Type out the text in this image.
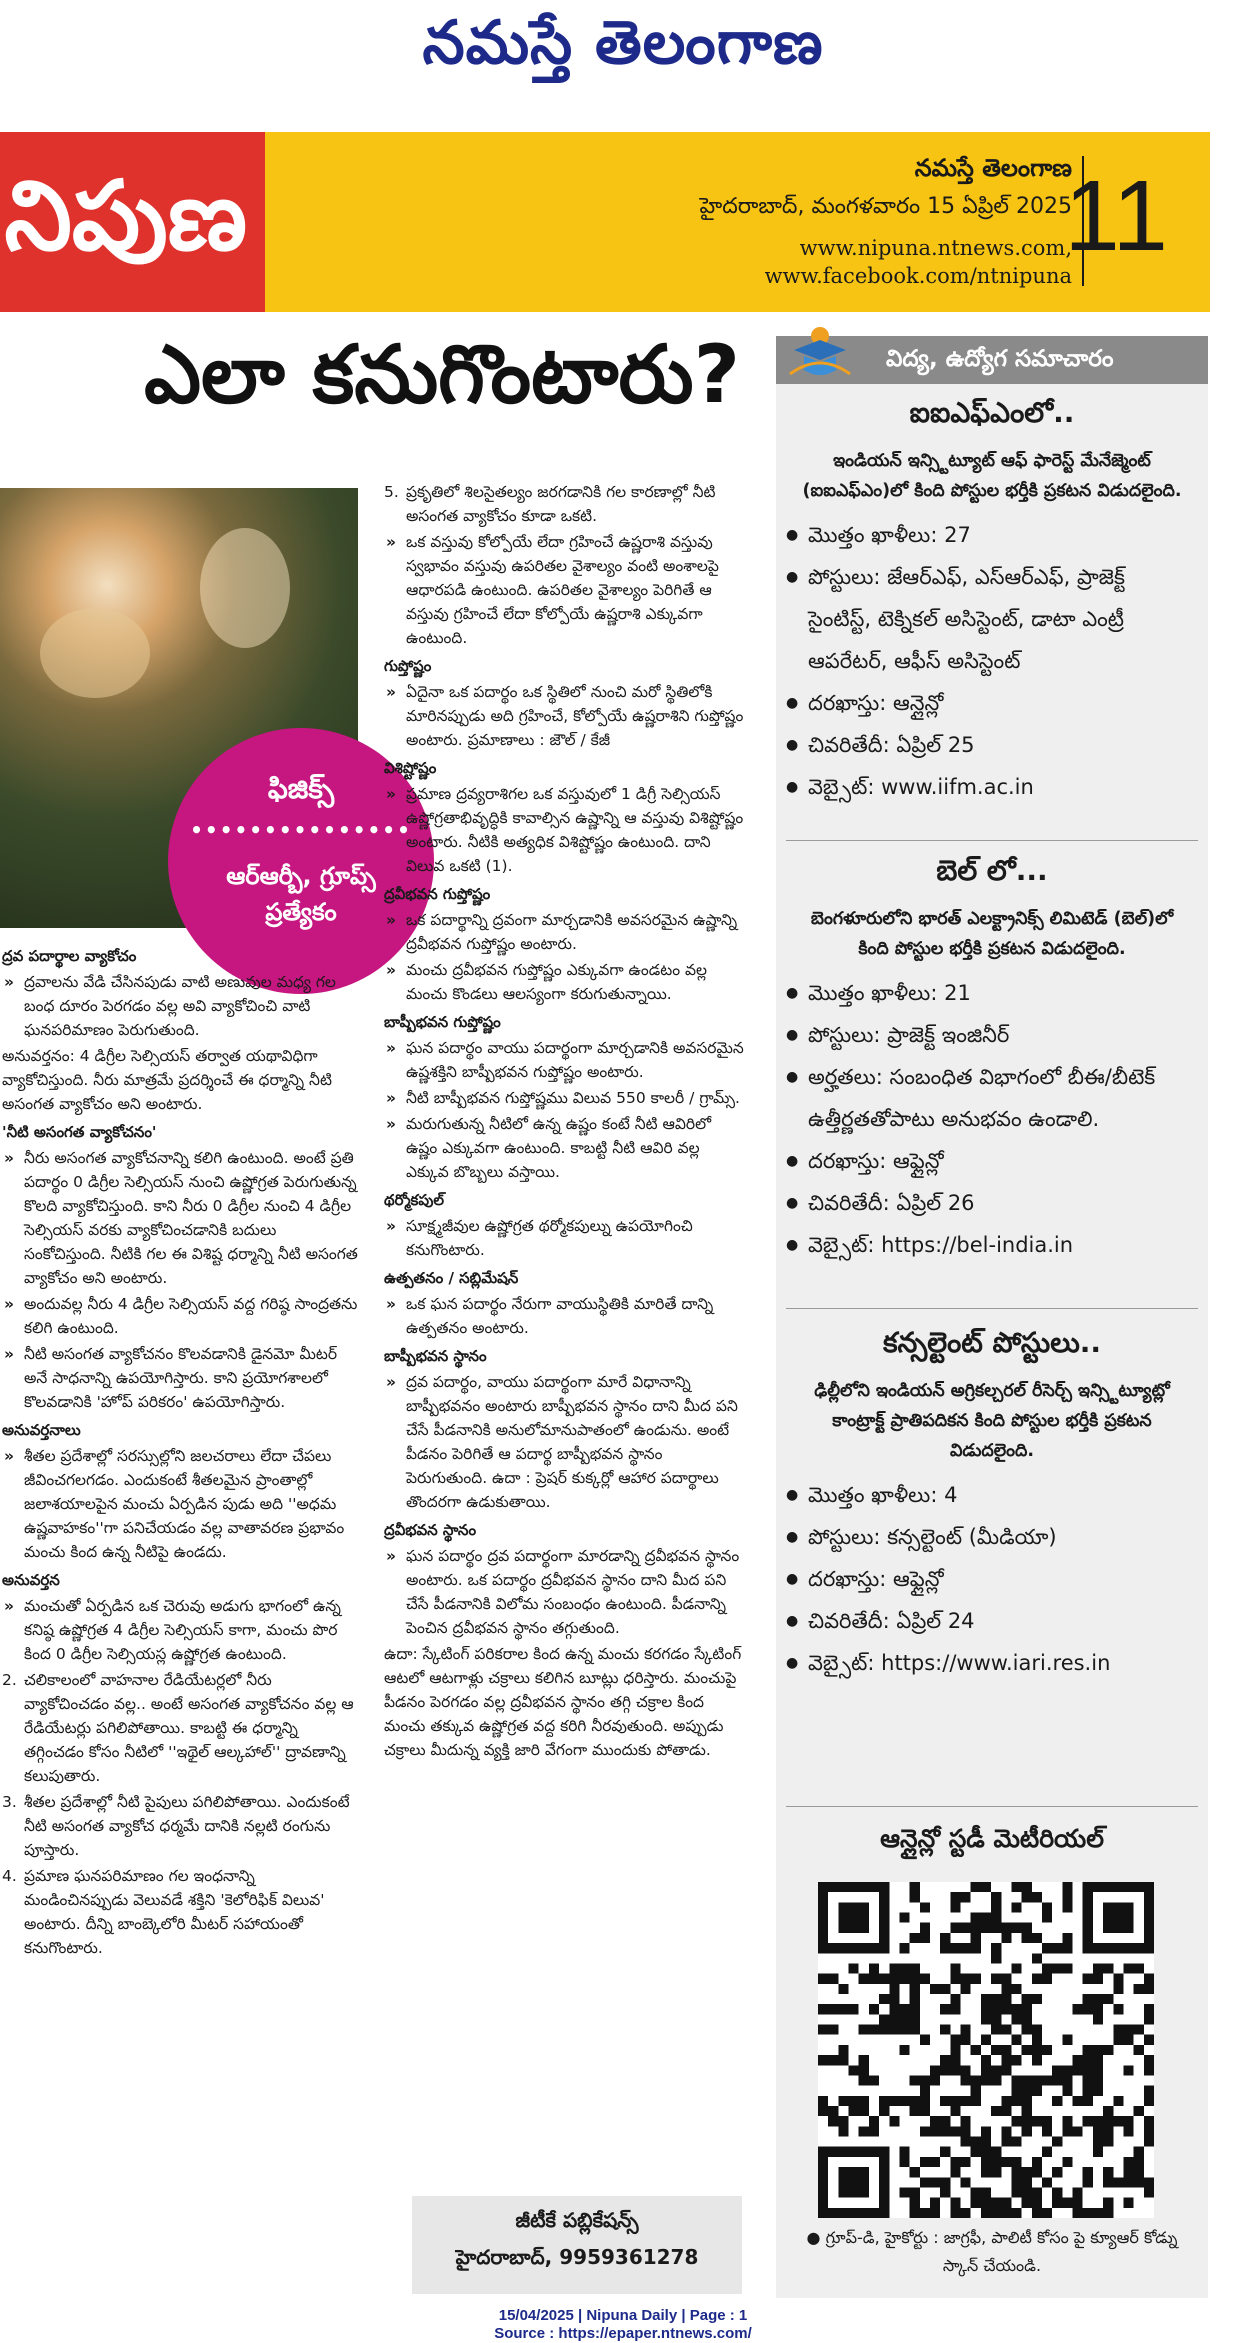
నమస్తే తెలంగాణ
నిపుణ	నమస్తే తెలంగాణ
హైదరాబాద్, మంగళవారం 15 ఏప్రిల్ 2025
www.nipuna.ntnews.com,
www.facebook.com/ntnipuna
11
ఎలా కనుగొంటారు?
ఫిజిక్స్
•••••••••••••••
ఆర్ఆర్బీ, గ్రూప్స్
ప్రత్యేకం

ద్రవ పదార్థాల వ్యాకోచం

» ద్రవాలను వేడి చేసినపుడు వాటి అణువుల మధ్య గల బంధ దూరం పెరగడం వల్ల అవి వ్యాకోచించి వాటి ఘనపరిమాణం పెరుగుతుంది.

అనువర్తనం: 4 డిగ్రీల సెల్సియస్ తర్వాత యథావిధిగా వ్యాకోచిస్తుంది. నీరు మాత్రమే ప్రదర్శించే ఈ ధర్మాన్ని నీటి అసంగత వ్యాకోచం అని అంటారు.

'నీటి అసంగత వ్యాకోచనం'

» నీరు అసంగత వ్యాకోచనాన్ని కలిగి ఉంటుంది. అంటే ప్రతి పదార్థం 0 డిగ్రీల సెల్సియస్ నుంచి ఉష్ణోగ్రత పెరుగుతున్న కొలది వ్యాకోచిస్తుంది. కాని నీరు 0 డిగ్రీల నుంచి 4 డిగ్రీల సెల్సియస్ వరకు వ్యాకోచించడానికి బదులు సంకోచిస్తుంది. నీటికి గల ఈ విశిష్ట ధర్మాన్ని నీటి అసంగత వ్యాకోచం అని అంటారు.

» అందువల్ల నీరు 4 డిగ్రీల సెల్సియస్ వద్ద గరిష్ఠ సాంద్రతను కలిగి ఉంటుంది.

» నీటి అసంగత వ్యాకోచనం కొలవడానికి డైనమో మీటర్ అనే సాధనాన్ని ఉపయోగిస్తారు. కాని ప్రయోగశాలలో కొలవడానికి 'హోప్ పరికరం' ఉపయోగిస్తారు.

అనువర్తనాలు

» శీతల ప్రదేశాల్లో సరస్సుల్లోని జలచరాలు లేదా చేపలు జీవించగలగడం. ఎందుకంటే శీతలమైన ప్రాంతాల్లో జలాశయాలపైన మంచు ఏర్పడిన పుడు అది ''అధమ ఉష్ణవాహకం''గా పనిచేయడం వల్ల వాతావరణ ప్రభావం మంచు కింద ఉన్న నీటిపై ఉండదు.

అనువర్తన

» మంచుతో ఏర్పడిన ఒక చెరువు అడుగు భాగంలో ఉన్న కనిష్ఠ ఉష్ణోగ్రత 4 డిగ్రీల సెల్సియస్ కాగా, మంచు పొర కింద 0 డిగ్రీల సెల్సియస్ల ఉష్ణోగ్రత ఉంటుంది.

2. చలికాలంలో వాహనాల రేడియేటర్లలో నీరు వ్యాకోచించడం వల్ల.. అంటే అసంగత వ్యాకోచనం వల్ల ఆ రేడియేటర్లు పగిలిపోతాయి. కాబట్టి ఈ ధర్మాన్ని తగ్గించడం కోసం నీటిలో ''ఇథైల్ ఆల్కహాల్'' ద్రావణాన్ని కలుపుతారు.

3. శీతల ప్రదేశాల్లో నీటి పైపులు పగిలిపోతాయి. ఎందుకంటే నీటి అసంగత వ్యాకోచ ధర్మమే దానికి నల్లటి రంగును పూస్తారు.

4. ప్రమాణ ఘనపరిమాణం గల ఇంధనాన్ని మండించినప్పుడు వెలువడే శక్తిని 'కెలోరిఫిక్ విలువ' అంటారు. దీన్ని బాంబ్కెలోరి మీటర్ సహాయంతో కనుగొంటారు.

5. ప్రకృతిలో శిలసైతల్యం జరగడానికి గల కారణాల్లో నీటి అసంగత వ్యాకోచం కూడా ఒకటి.

» ఒక వస్తువు కోల్పోయే లేదా గ్రహించే ఉష్ణరాశి వస్తువు స్వభావం వస్తువు ఉపరితల వైశాల్యం వంటి అంశాలపై ఆధారపడి ఉంటుంది. ఉపరితల వైశాల్యం పెరిగితే ఆ వస్తువు గ్రహించే లేదా కోల్పోయే ఉష్ణరాశి ఎక్కువగా ఉంటుంది.

గుప్తోష్ణం

» ఏదైనా ఒక పదార్థం ఒక స్థితిలో నుంచి మరో స్థితిలోకి మారినప్పుడు అది గ్రహించే, కోల్పోయే ఉష్ణరాశిని గుప్తోష్ణం అంటారు. ప్రమాణాలు : జౌల్ / కేజీ

విశిష్టోష్ణం

» ప్రమాణ ద్రవ్యరాశిగల ఒక వస్తువులో 1 డిగ్రీ సెల్సియస్ ఉష్ణోగ్రతాభివృద్ధికి కావాల్సిన ఉష్ణాన్ని ఆ వస్తువు విశిష్టోష్ణం అంటారు. నీటికి అత్యధిక విశిష్టోష్ణం ఉంటుంది. దాని విలువ ఒకటి (1).

ద్రవీభవన గుప్తోష్ణం

» ఒక పదార్థాన్ని ద్రవంగా మార్చడానికి అవసరమైన ఉష్ణాన్ని ద్రవీభవన గుప్తోష్ణం అంటారు.

» మంచు ద్రవీభవన గుప్తోష్ణం ఎక్కువగా ఉండటం వల్ల మంచు కొండలు ఆలస్యంగా కరుగుతున్నాయి.

బాష్పీభవన గుప్తోష్ణం

» ఘన పదార్థం వాయు పదార్థంగా మార్చడానికి అవసరమైన ఉష్ణశక్తిని బాష్పీభవన గుప్తోష్ణం అంటారు.

» నీటి బాష్పీభవన గుప్తోష్ణము విలువ 550 కాలరీ / గ్రామ్స్.

» మరుగుతున్న నీటిలో ఉన్న ఉష్ణం కంటే నీటి ఆవిరిలో ఉష్ణం ఎక్కువగా ఉంటుంది. కాబట్టి నీటి ఆవిరి వల్ల ఎక్కువ బొబ్బలు వస్తాయి.

థర్మోకపుల్

» సూక్ష్మజీవుల ఉష్ణోగ్రత థర్మోకపుల్ను ఉపయోగించి కనుగొంటారు.

ఉత్పతనం / సబ్లిమేషన్

» ఒక ఘన పదార్థం నేరుగా వాయుస్థితికి మారితే దాన్ని ఉత్పతనం అంటారు.

బాష్పీభవన స్థానం

» ద్రవ పదార్థం, వాయు పదార్థంగా మారే విధానాన్ని బాష్పీభవనం అంటారు బాష్పీభవన స్థానం దాని మీద పని చేసే పీడనానికి అనులోమానుపాతంలో ఉండును. అంటే పీడనం పెరిగితే ఆ పదార్థ బాష్పీభవన స్థానం పెరుగుతుంది. ఉదా : ప్రెషర్ కుక్కర్లో ఆహార పదార్థాలు తొందరగా ఉడుకుతాయి.

ద్రవీభవన స్థానం

» ఘన పదార్థం ద్రవ పదార్థంగా మారడాన్ని ద్రవీభవన స్థానం అంటారు. ఒక పదార్థం ద్రవీభవన స్థానం దాని మీద పని చేసే పీడనానికి విలోమ సంబంధం ఉంటుంది. పీడనాన్ని పెంచిన ద్రవీభవన స్థానం తగ్గుతుంది.

ఉదా: స్కేటింగ్ పరికరాల కింద ఉన్న మంచు కరగడం స్కేటింగ్ ఆటలో ఆటగాళ్లు చక్రాలు కలిగిన బూట్లు ధరిస్తారు. మంచుపై పీడనం పెరగడం వల్ల ద్రవీభవన స్థానం తగ్గి చక్రాల కింద మంచు తక్కువ ఉష్ణోగ్రత వద్ద కరిగి నీరవుతుంది. అప్పుడు చక్రాలు మీదున్న వ్యక్తి జారి వేగంగా ముందుకు పోతాడు.

జీటీకే పబ్లికేషన్స్
హైదరాబాద్, 9959361278
విద్య, ఉద్యోగ సమాచారం
ఐఐఎఫ్ఎంలో..
ఇండియన్ ఇన్స్టిట్యూట్ ఆఫ్ ఫారెస్ట్ మేనేజ్మెంట్ (ఐఐఎఫ్ఎం)లో కింది పోస్టుల భర్తీకి ప్రకటన విడుదలైంది.
● మొత్తం ఖాళీలు: 27
● పోస్టులు: జేఆర్ఎఫ్, ఎస్ఆర్ఎఫ్, ప్రాజెక్ట్ సైంటిస్ట్, టెక్నికల్ అసిస్టెంట్, డాటా ఎంట్రీ ఆపరేటర్, ఆఫీస్ అసిస్టెంట్
● దరఖాస్తు: ఆన్లైన్లో
● చివరితేదీ: ఏప్రిల్ 25
● వెబ్సైట్: www.iifm.ac.in
బెల్ లో...
బెంగళూరులోని భారత్ ఎలక్ట్రానిక్స్ లిమిటెడ్ (బెల్)లో కింది పోస్టుల భర్తీకి ప్రకటన విడుదలైంది.
● మొత్తం ఖాళీలు: 21
● పోస్టులు: ప్రాజెక్ట్ ఇంజినీర్
● అర్హతలు: సంబంధిత విభాగంలో బీఈ/బీటెక్ ఉత్తీర్ణతతోపాటు అనుభవం ఉండాలి.
● దరఖాస్తు: ఆఫ్లైన్లో
● చివరితేదీ: ఏప్రిల్ 26
● వెబ్సైట్: https://bel-india.in
కన్సల్టెంట్ పోస్టులు..
ఢిల్లీలోని ఇండియన్ అగ్రికల్చరల్ రీసెర్చ్ ఇన్స్టిట్యూట్లో కాంట్రాక్ట్ ప్రాతిపదికన కింది పోస్టుల భర్తీకి ప్రకటన విడుదలైంది.
● మొత్తం ఖాళీలు: 4
● పోస్టులు: కన్సల్టెంట్ (మీడియా)
● దరఖాస్తు: ఆఫ్లైన్లో
● చివరితేదీ: ఏప్రిల్ 24
● వెబ్సైట్: https://www.iari.res.in
ఆన్లైన్లో స్టడీ మెటీరియల్
● గ్రూప్-డి, హైకోర్టు : జాగ్రఫీ, పాలిటీ కోసం పై క్యూఆర్ కోడ్ను స్కాన్ చేయండి.
15/04/2025 | Nipuna Daily | Page : 1
Source : https://epaper.ntnews.com/
